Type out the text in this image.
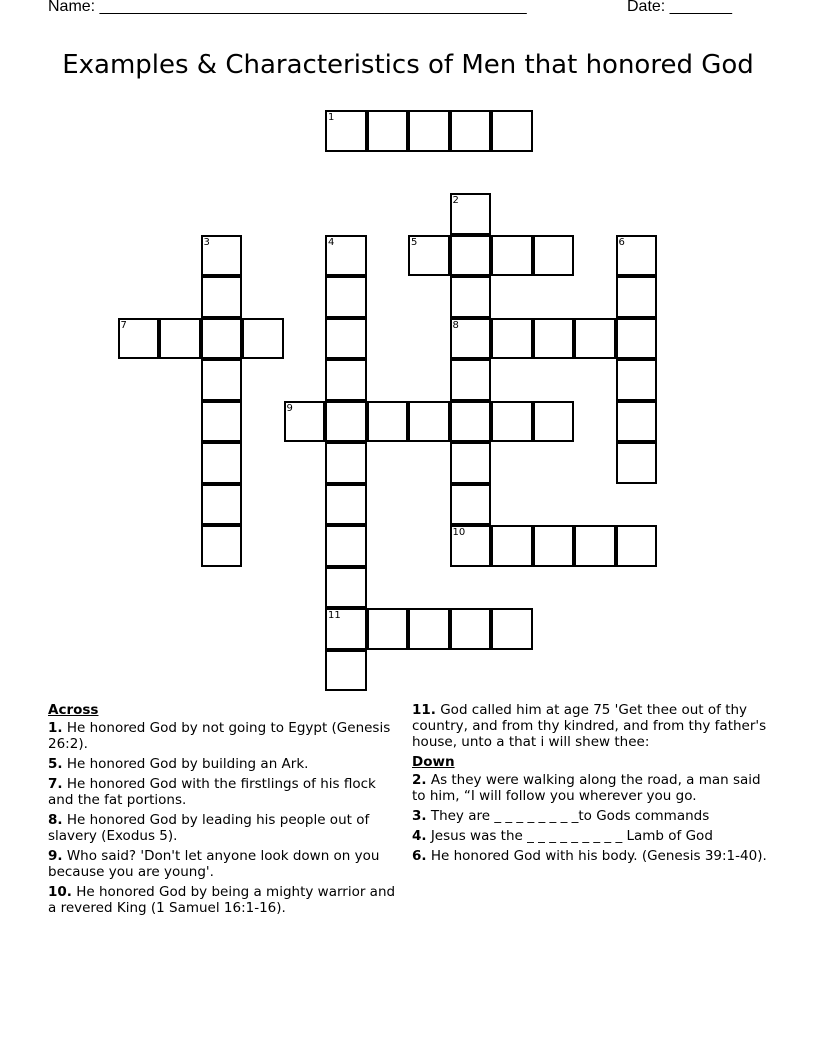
Name: ________________________________________________	Date: _______
Examples & Characteristics of Men that honored God
1
2
8
3	4
11
5	6
7
9
10
Across
1. He honored God by not going to Egypt (Genesis 26:2).
5. He honored God by building an Ark.
7. He honored God with the firstlings of his flock and the fat portions.
8. He honored God by leading his people out of slavery (Exodus 5).
9. Who said? 'Don't let anyone look down on you because you are young'.
10. He honored God by being a mighty warrior and a revered King (1 Samuel 16:1-16).
11. God called him at age 75 'Get thee out of thy country, and from thy kindred, and from thy father's house, unto a that i will shew thee:
Down
2. As they were walking along the road, a man said to him, “I will follow you wherever you go.
3. They are _ _ _ _ _ _ _ _to Gods commands
4. Jesus was the _ _ _ _ _ _ _ _ _ Lamb of God
6. He honored God with his body. (Genesis 39:1-40).
